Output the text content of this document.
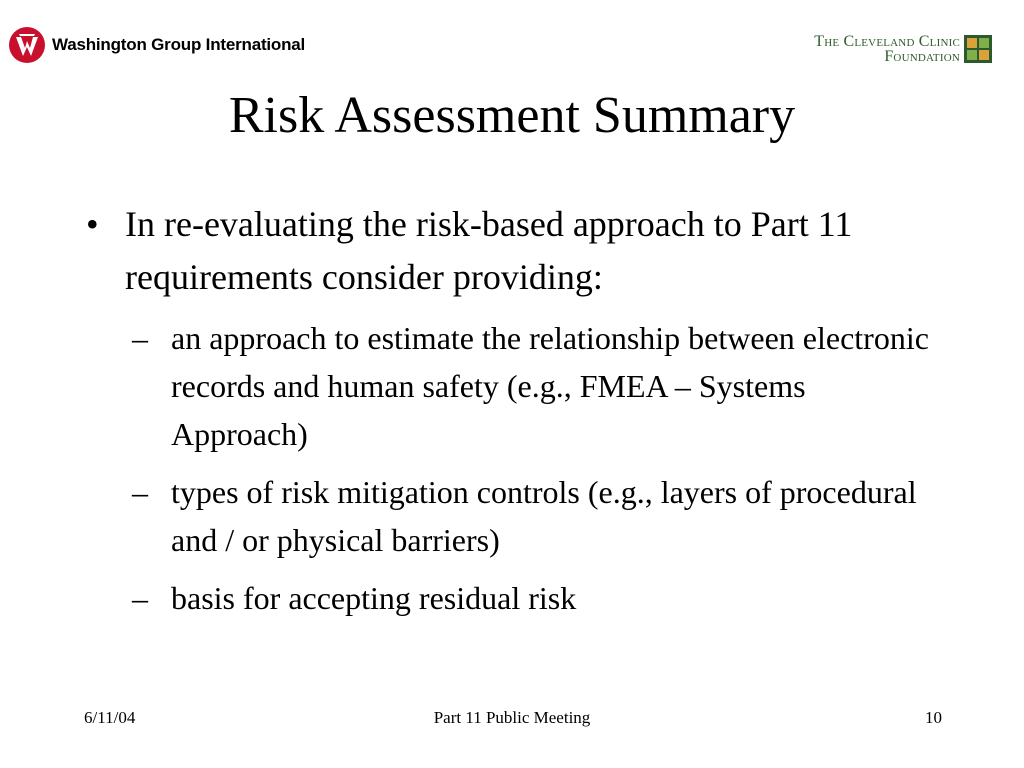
Washington Group International	The Cleveland Clinic
Foundation
Risk Assessment Summary
• In re-evaluating the risk-based approach to Part 11 requirements consider providing:
– an approach to estimate the relationship between electronic records and human safety (e.g., FMEA – Systems Approach)
– types of risk mitigation controls (e.g., layers of procedural and / or physical barriers)
– basis for accepting residual risk
6/11/04	Part 11 Public Meeting	10
